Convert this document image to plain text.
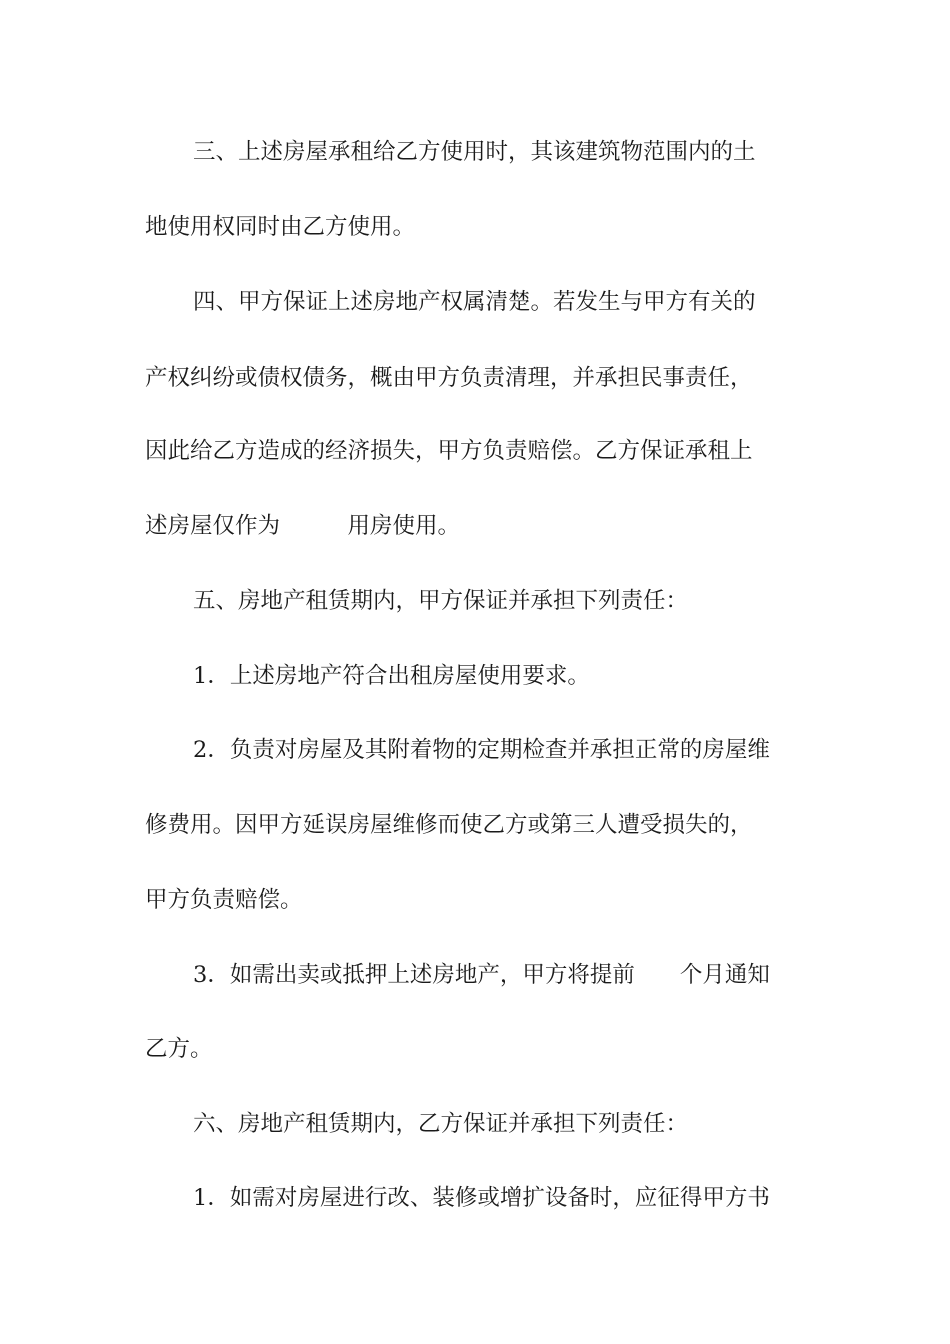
三、上述房屋承租给乙方使用时，其该建筑物范围内的土
地使用权同时由乙方使用。
四、甲方保证上述房地产权属清楚。若发生与甲方有关的
产权纠纷或债权债务，概由甲方负责清理，并承担民事责任，
因此给乙方造成的经济损失，甲方负责赔偿。乙方保证承租上
述房屋仅作为　　　用房使用。
五、房地产租赁期内，甲方保证并承担下列责任：
1．上述房地产符合出租房屋使用要求。
2．负责对房屋及其附着物的定期检查并承担正常的房屋维
修费用。因甲方延误房屋维修而使乙方或第三人遭受损失的，
甲方负责赔偿。
3．如需出卖或抵押上述房地产，甲方将提前　　个月通知
乙方。
六、房地产租赁期内，乙方保证并承担下列责任：
1．如需对房屋进行改、装修或增扩设备时，应征得甲方书
